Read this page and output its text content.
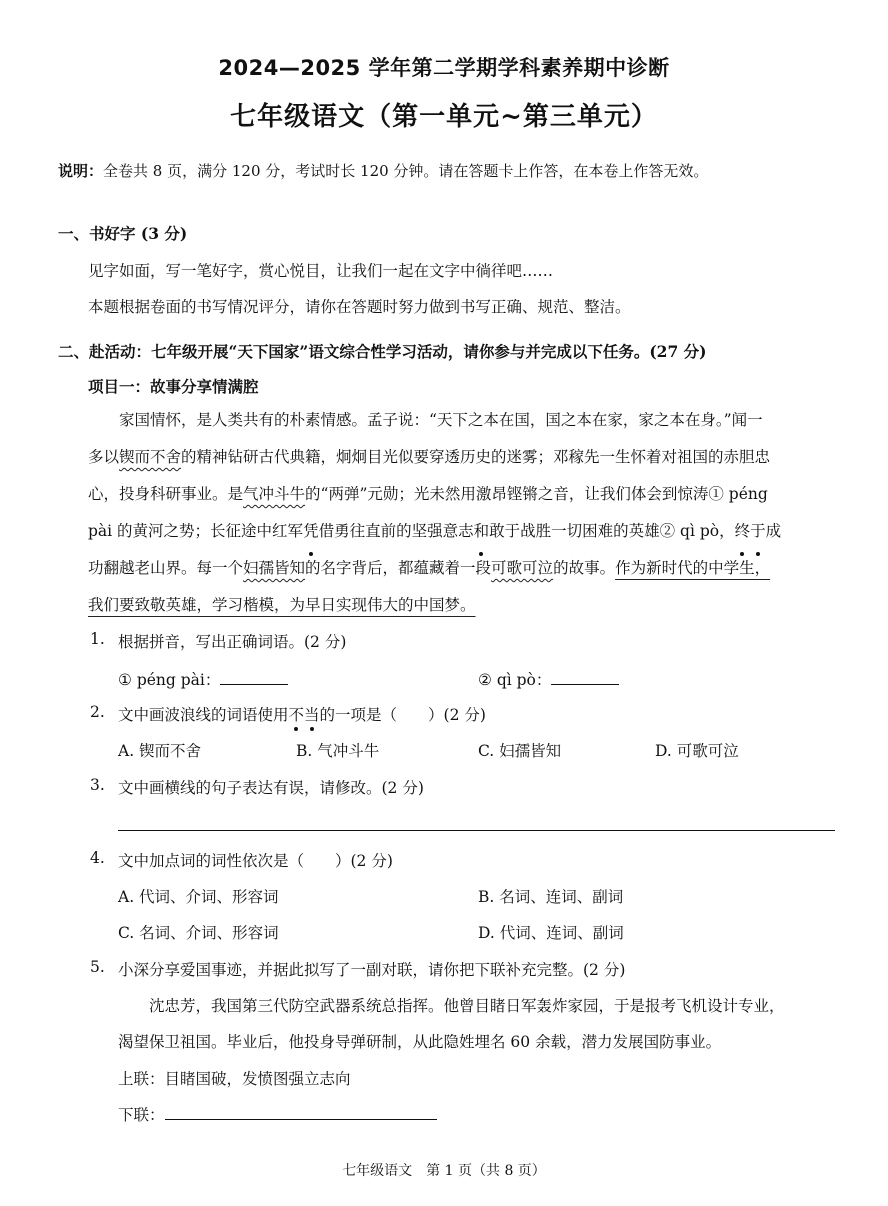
2024—2025 学年第二学期学科素养期中诊断
七年级语文（第一单元~第三单元）
说明：全卷共 8 页，满分 120 分，考试时长 120 分钟。请在答题卡上作答，在本卷上作答无效。
一、书好字 (3 分)
见字如面，写一笔好字，赏心悦目，让我们一起在文字中徜徉吧……
本题根据卷面的书写情况评分，请你在答题时努力做到书写正确、规范、整洁。
二、赴活动：七年级开展“天下国家”语文综合性学习活动，请你参与并完成以下任务。(27 分)
项目一：故事分享情满腔

家国情怀，是人类共有的朴素情感。孟子说：“天下之本在国，国之本在家，家之本在身。”闻一

多以锲而不舍的精神钻研古代典籍，炯炯目光似要穿透历史的迷雾；邓稼先一生怀着对祖国的赤胆忠

心，投身科研事业。是气冲斗牛的“两弹”元勋；光未然用激昂铿锵之音，让我们体会到惊涛① péng

pài 的黄河之势；长征途中红军凭借勇往直前的坚强意志和敢于战胜一切困难的英雄② qì pò，终于成

功翻越老山界。每一个妇孺皆知的名字背后，都蕴藏着一段可歌可泣的故事。作为新时代的中学生，

我们要致敬英雄，学习楷模，为早日实现伟大的中国梦。

1. 根据拼音，写出正确词语。(2 分)
① péng pài：	② qì pò：
2. 文中画波浪线的词语使用不当的一项是（　　）(2 分)
A. 锲而不舍	B. 气冲斗牛	C. 妇孺皆知	D. 可歌可泣
3. 文中画横线的句子表达有误，请修改。(2 分)
4. 文中加点词的词性依次是（　　）(2 分)
A. 代词、介词、形容词	B. 名词、连词、副词
C. 名词、介词、形容词	D. 代词、连词、副词
5. 小深分享爱国事迹，并据此拟写了一副对联，请你把下联补充完整。(2 分)
沈忠芳，我国第三代防空武器系统总指挥。他曾目睹日军轰炸家园，于是报考飞机设计专业，
渴望保卫祖国。毕业后，他投身导弹研制，从此隐姓埋名 60 余载，潜力发展国防事业。
上联：目睹国破，发愤图强立志向
下联：
七年级语文　第 1 页（共 8 页）
